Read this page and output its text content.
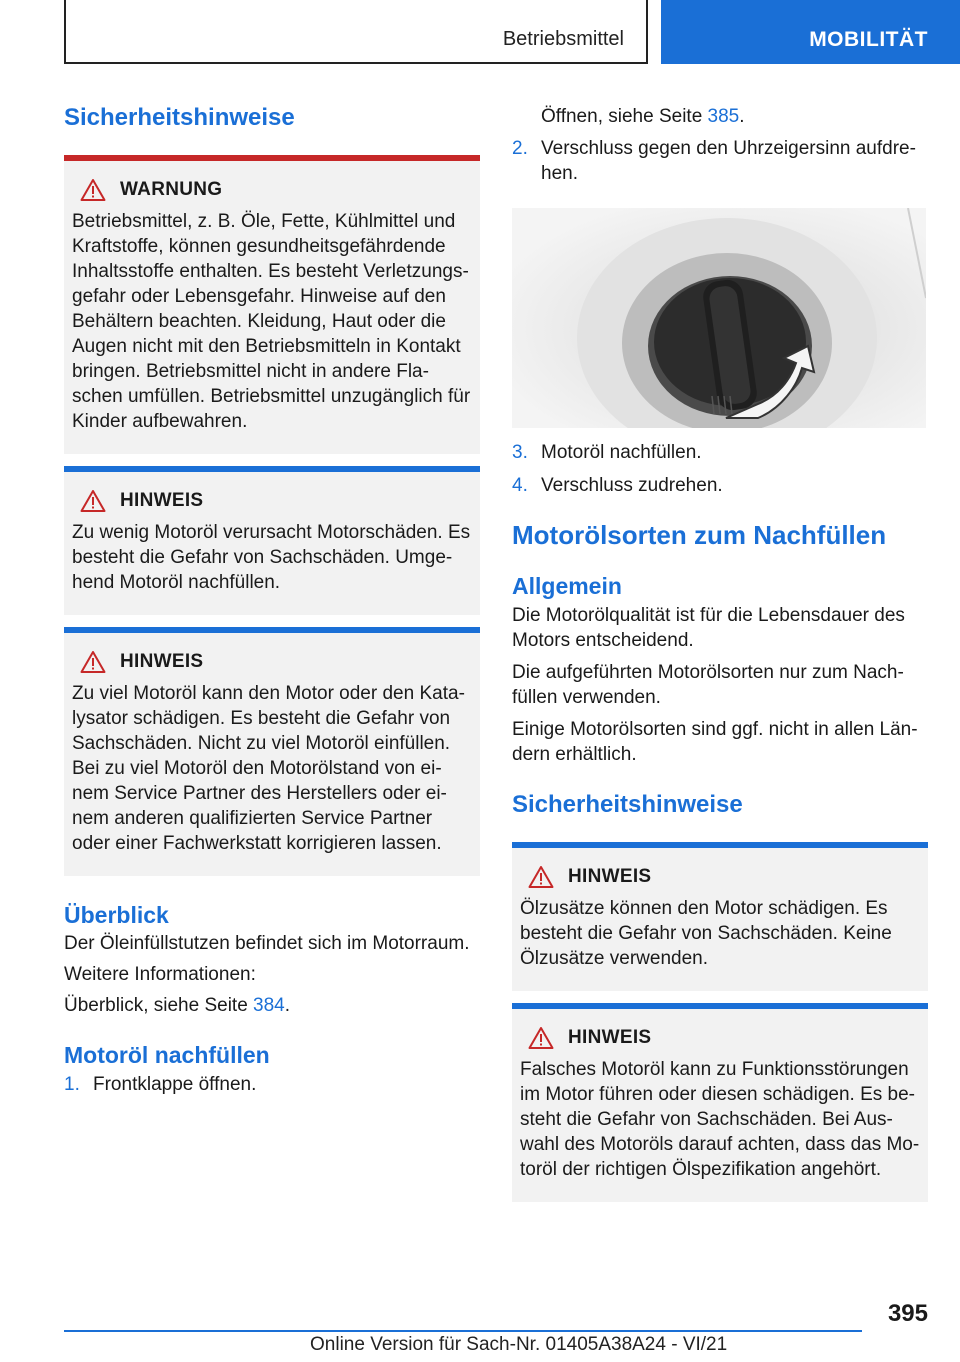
Betriebsmittel	MOBILITÄT
Sicherheitshinweise
WARNUNG
Betriebsmittel, z. B. Öle, Fette, Kühlmittel und Kraftstoffe, können gesundheitsgefährdende Inhaltsstoffe enthalten. Es besteht Verletzungsgefahr oder Lebensgefahr. Hinweise auf den Behältern beachten. Kleidung, Haut oder die Augen nicht mit den Betriebsmitteln in Kontakt bringen. Betriebsmittel nicht in andere Flaschen umfüllen. Betriebsmittel unzugänglich für Kinder aufbewahren.
HINWEIS
Zu wenig Motoröl verursacht Motorschäden. Es besteht die Gefahr von Sachschäden. Umgehend Motoröl nachfüllen.
HINWEIS
Zu viel Motoröl kann den Motor oder den Katalysator schädigen. Es besteht die Gefahr von Sachschäden. Nicht zu viel Motoröl einfüllen. Bei zu viel Motoröl den Motorölstand von einem Service Partner des Herstellers oder einem anderen qualifizierten Service Partner oder einer Fachwerkstatt korrigieren lassen.
Überblick

Der Öleinfüllstutzen befindet sich im Motorraum.

Weitere Informationen:

Überblick, siehe Seite 384.

Motoröl nachfüllen
1. Frontklappe öffnen.
Öffnen, siehe Seite 385.
2. Verschluss gegen den Uhrzeigersinn aufdrehen.
3. Motoröl nachfüllen.
4. Verschluss zudrehen.
Motorölsorten zum Nachfüllen
Allgemein

Die Motorölqualität ist für die Lebensdauer des Motors entscheidend.

Die aufgeführten Motorölsorten nur zum Nachfüllen verwenden.

Einige Motorölsorten sind ggf. nicht in allen Ländern erhältlich.

Sicherheitshinweise
HINWEIS
Ölzusätze können den Motor schädigen. Es besteht die Gefahr von Sachschäden. Keine Ölzusätze verwenden.
HINWEIS
Falsches Motoröl kann zu Funktionsstörungen im Motor führen oder diesen schädigen. Es besteht die Gefahr von Sachschäden. Bei Auswahl des Motoröls darauf achten, dass das Motoröl der richtigen Ölspezifikation angehört.
395
Online Version für Sach-Nr. 01405A38A24 - VI/21
